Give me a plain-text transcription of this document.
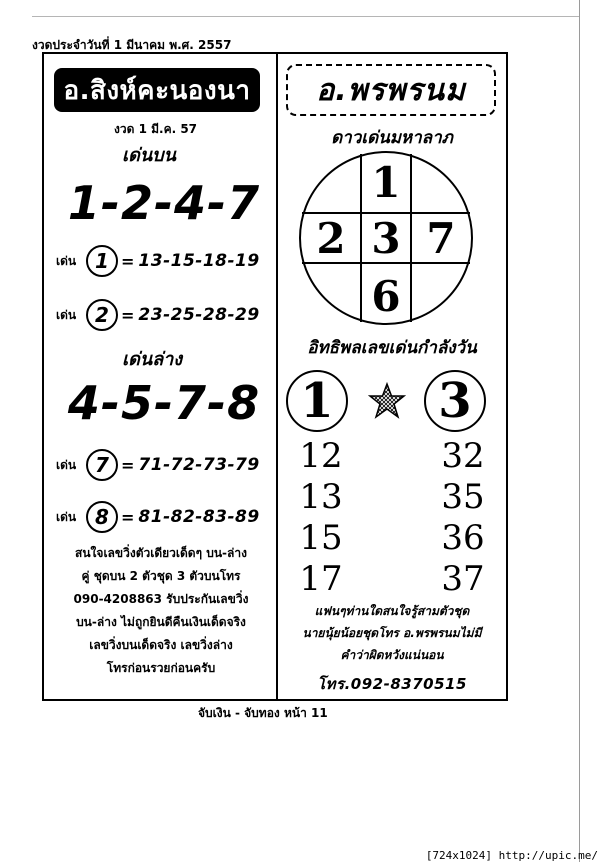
งวดประจำวันที่ 1 มีนาคม พ.ศ. 2557
อ.สิงห์คะนองนา
งวด 1 มี.ค. 57
เด่นบน
1-2-4-7
เด่น 1 = 13-15-18-19
เด่น 2 = 23-25-28-29
เด่นล่าง
4-5-7-8
เด่น 7 = 71-72-73-79
เด่น 8 = 81-82-83-89
สนใจเลขวิ่งตัวเดียวเด็ดๆ บน-ล่าง
คู่ ชุดบน 2 ตัวชุด 3 ตัวบนโทร
090-4208863 รับประกันเลขวิ่ง
บน-ล่าง ไม่ถูกยินดีคืนเงินเด็ดจริง
เลขวิ่งบนเด็ดจริง เลขวิ่งล่าง
โทรก่อนรวยก่อนครับ
อ.พรพรนม
ดาวเด่นมหาลาภ
1
2 3 7
6
อิทธิพลเลขเด่นกำลังวัน
1 3
12
13
15
17
32
35
36
37
แฟนๆท่านใดสนใจรู้สามตัวชุด
นายนุ้ยน้อยชุดโทร อ.พรพรนมไม่มี
คำว่าผิดหวังแน่นอน
โทร.092-8370515
จับเงิน - จับทอง หน้า 11
[724x1024] http://upic.me/
